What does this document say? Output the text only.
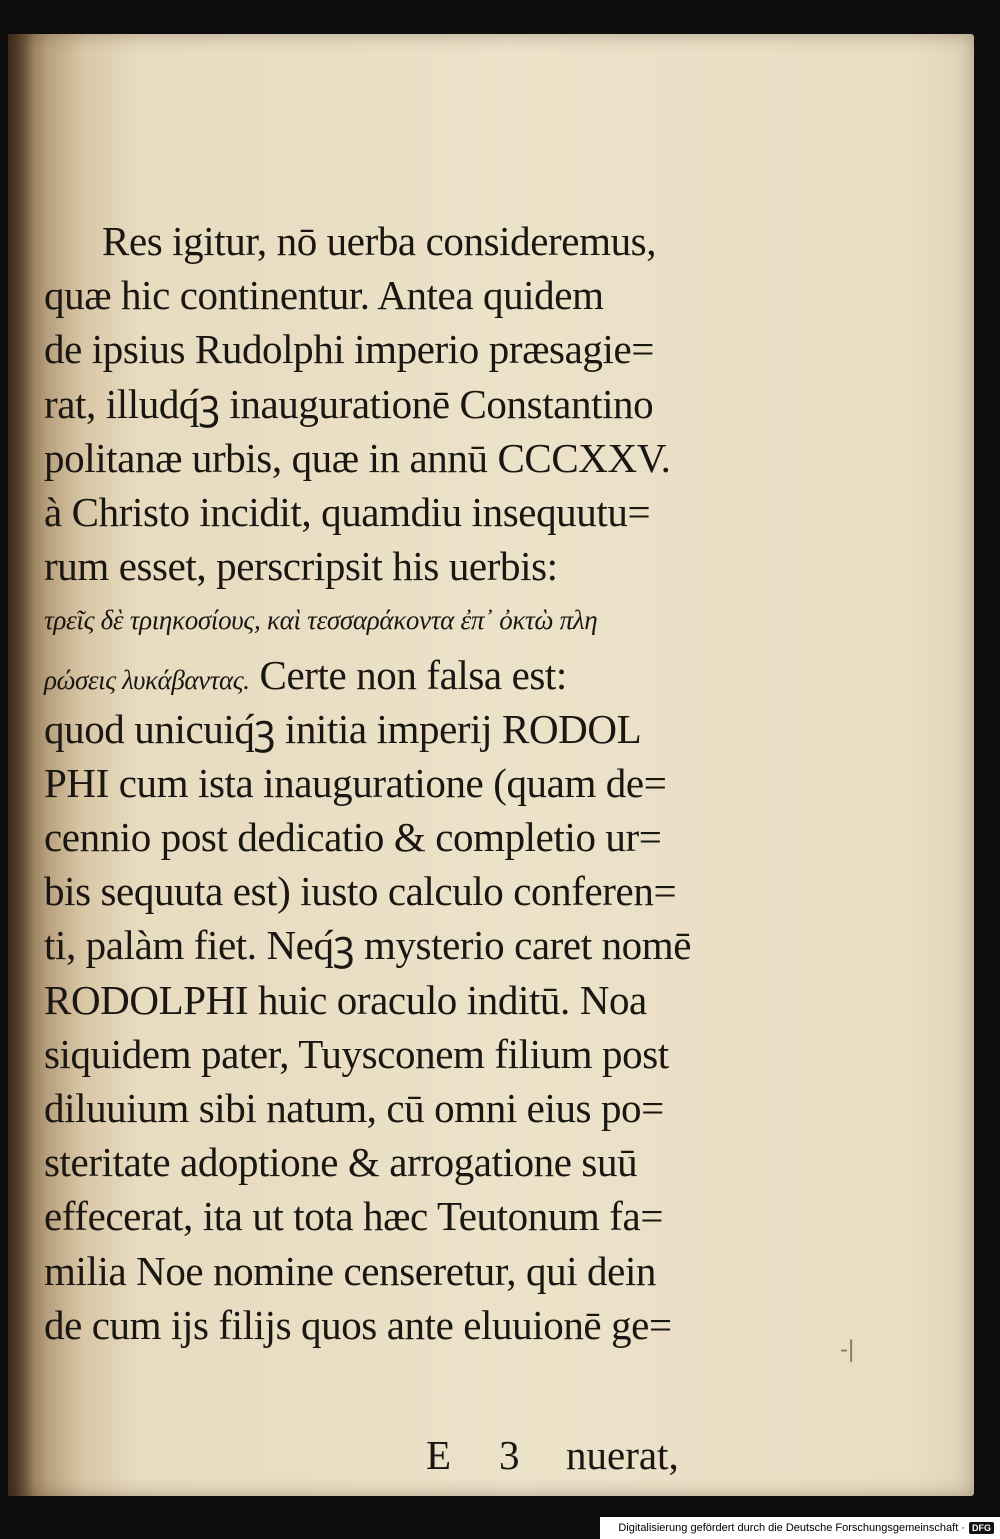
Res igitur, nō uerba consideremus,
quæ hic continentur. Antea quidem
de ipsius Rudolphi imperio præsagie=
rat, illudq́ꝫ inaugurationē Constantino
politanæ urbis, quæ in annū CCCXXV.
à Christo incidit, quamdiu insequutu=
rum esset, perscripsit his uerbis:
τρεῖς δὲ τριηκοσίους, καὶ τεσσαράκοντα ἐπ᾿ ὀκτὼ πλη
ρώσεις λυκάβαντας. Certe non falsa est:
quod unicuiq́ꝫ initia imperij RODOL
PHI cum ista inauguratione (quam de=
cennio post dedicatio & completio ur=
bis sequuta est) iusto calculo conferen=
ti, palàm fiet. Neq́ꝫ mysterio caret nomē
RODOLPHI huic oraculo inditū. Noa
siquidem pater, Tuysconem filium post
diluuium sibi natum, cū omni eius po=
steritate adoptione & arrogatione suū
effecerat, ita ut tota hæc Teutonum fa=
milia Noe nomine censeretur, qui dein
de cum ijs filijs quos ante eluuionē ge=
E 3 nuerat,
-|
Digitalisierung gefördert durch die Deutsche Forschungsgemeinschaft · DFG
